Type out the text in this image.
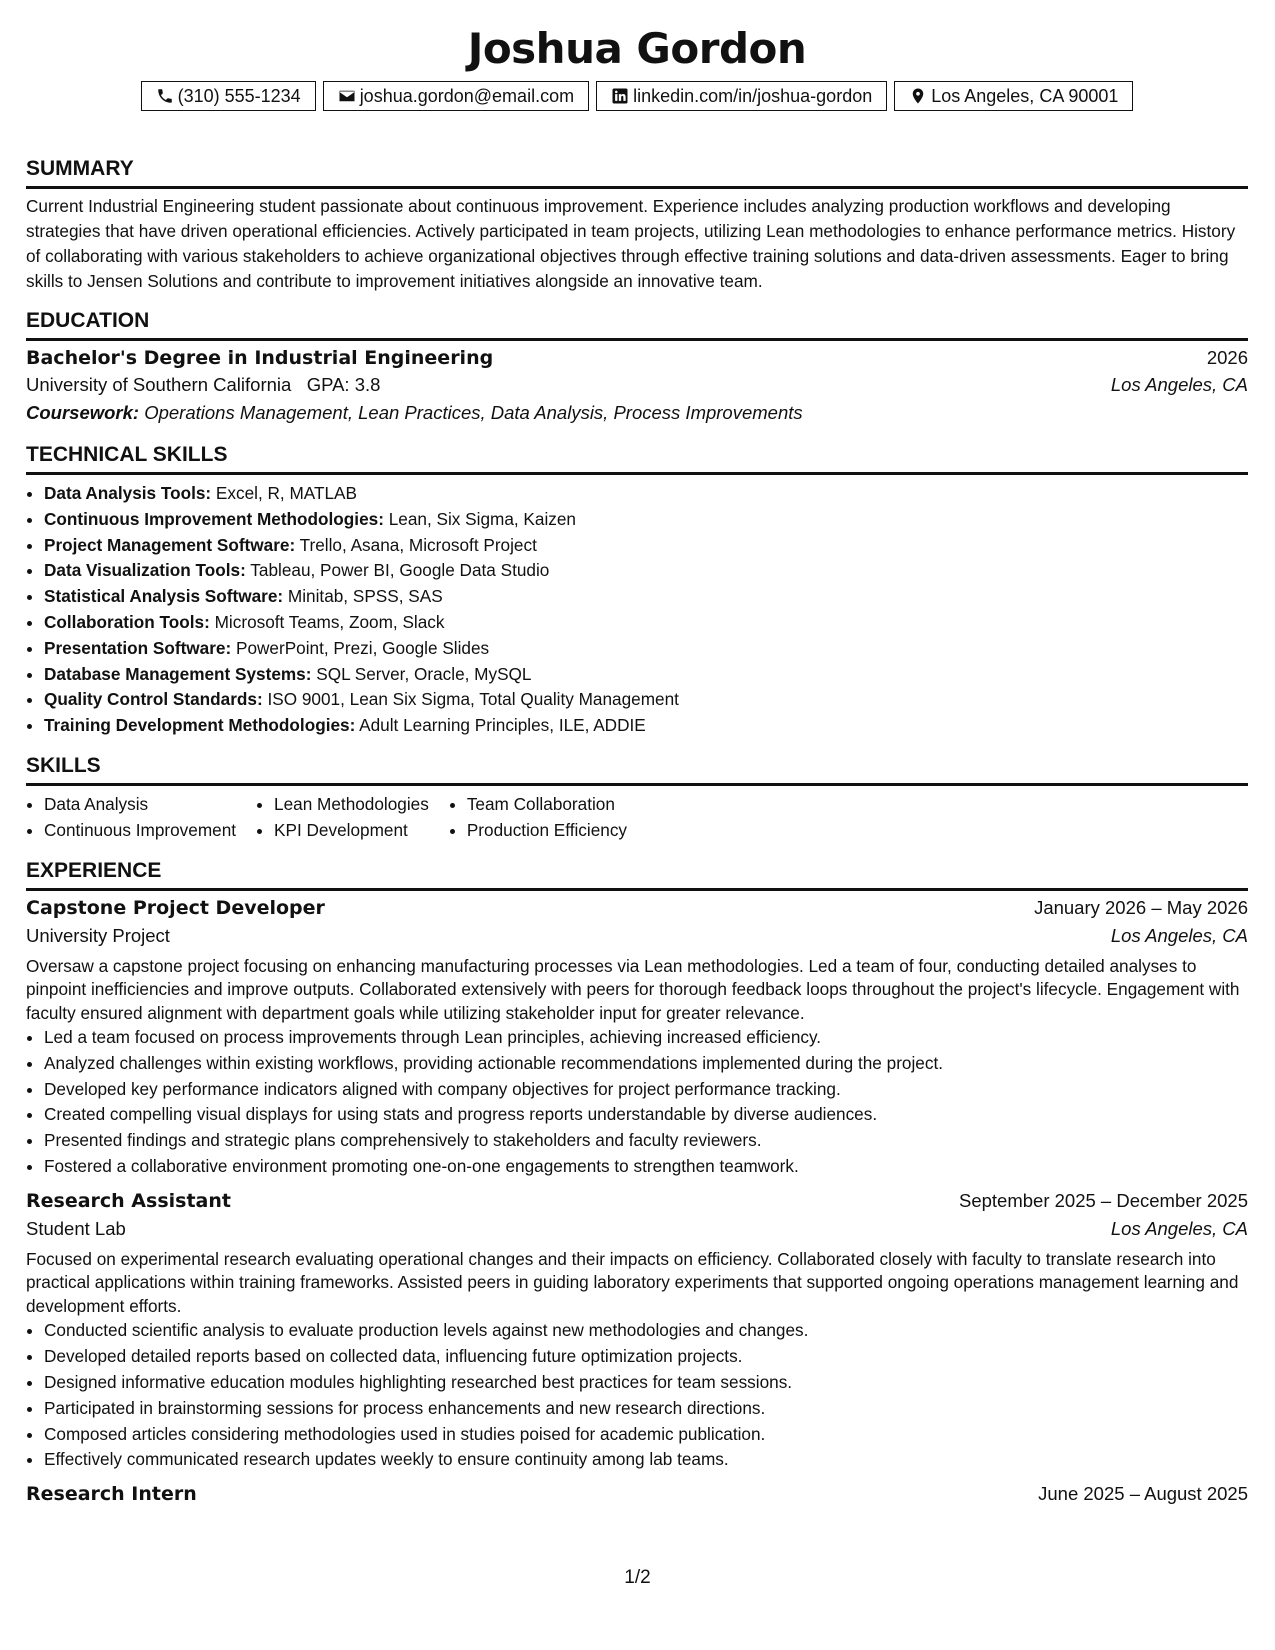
Joshua Gordon
(310) 555-1234	joshua.gordon@email.com	linkedin.com/in/joshua-gordon	Los Angeles, CA 90001
SUMMARY
Current Industrial Engineering student passionate about continuous improvement. Experience includes analyzing production workflows and developing strategies that have driven operational efficiencies. Actively participated in team projects, utilizing Lean methodologies to enhance performance metrics. History of collaborating with various stakeholders to achieve organizational objectives through effective training solutions and data-driven assessments. Eager to bring skills to Jensen Solutions and contribute to improvement initiatives alongside an innovative team.
EDUCATION
Bachelor's Degree in Industrial Engineering	2026
University of Southern California GPA: 3.8	Los Angeles, CA
Coursework: Operations Management, Lean Practices, Data Analysis, Process Improvements
TECHNICAL SKILLS
• Data Analysis Tools: Excel, R, MATLAB
• Continuous Improvement Methodologies: Lean, Six Sigma, Kaizen
• Project Management Software: Trello, Asana, Microsoft Project
• Data Visualization Tools: Tableau, Power BI, Google Data Studio
• Statistical Analysis Software: Minitab, SPSS, SAS
• Collaboration Tools: Microsoft Teams, Zoom, Slack
• Presentation Software: PowerPoint, Prezi, Google Slides
• Database Management Systems: SQL Server, Oracle, MySQL
• Quality Control Standards: ISO 9001, Lean Six Sigma, Total Quality Management
• Training Development Methodologies: Adult Learning Principles, ILE, ADDIE
SKILLS
• Data Analysis
• Continuous Improvement
• Lean Methodologies
• KPI Development
• Team Collaboration
• Production Efficiency
EXPERIENCE
Capstone Project Developer	January 2026 – May 2026
University Project	Los Angeles, CA
Oversaw a capstone project focusing on enhancing manufacturing processes via Lean methodologies. Led a team of four, conducting detailed analyses to pinpoint inefficiencies and improve outputs. Collaborated extensively with peers for thorough feedback loops throughout the project's lifecycle. Engagement with faculty ensured alignment with department goals while utilizing stakeholder input for greater relevance.
• Led a team focused on process improvements through Lean principles, achieving increased efficiency.
• Analyzed challenges within existing workflows, providing actionable recommendations implemented during the project.
• Developed key performance indicators aligned with company objectives for project performance tracking.
• Created compelling visual displays for using stats and progress reports understandable by diverse audiences.
• Presented findings and strategic plans comprehensively to stakeholders and faculty reviewers.
• Fostered a collaborative environment promoting one-on-one engagements to strengthen teamwork.
Research Assistant	September 2025 – December 2025
Student Lab	Los Angeles, CA
Focused on experimental research evaluating operational changes and their impacts on efficiency. Collaborated closely with faculty to translate research into practical applications within training frameworks. Assisted peers in guiding laboratory experiments that supported ongoing operations management learning and development efforts.
• Conducted scientific analysis to evaluate production levels against new methodologies and changes.
• Developed detailed reports based on collected data, influencing future optimization projects.
• Designed informative education modules highlighting researched best practices for team sessions.
• Participated in brainstorming sessions for process enhancements and new research directions.
• Composed articles considering methodologies used in studies poised for academic publication.
• Effectively communicated research updates weekly to ensure continuity among lab teams.
Research Intern	June 2025 – August 2025
1/2
